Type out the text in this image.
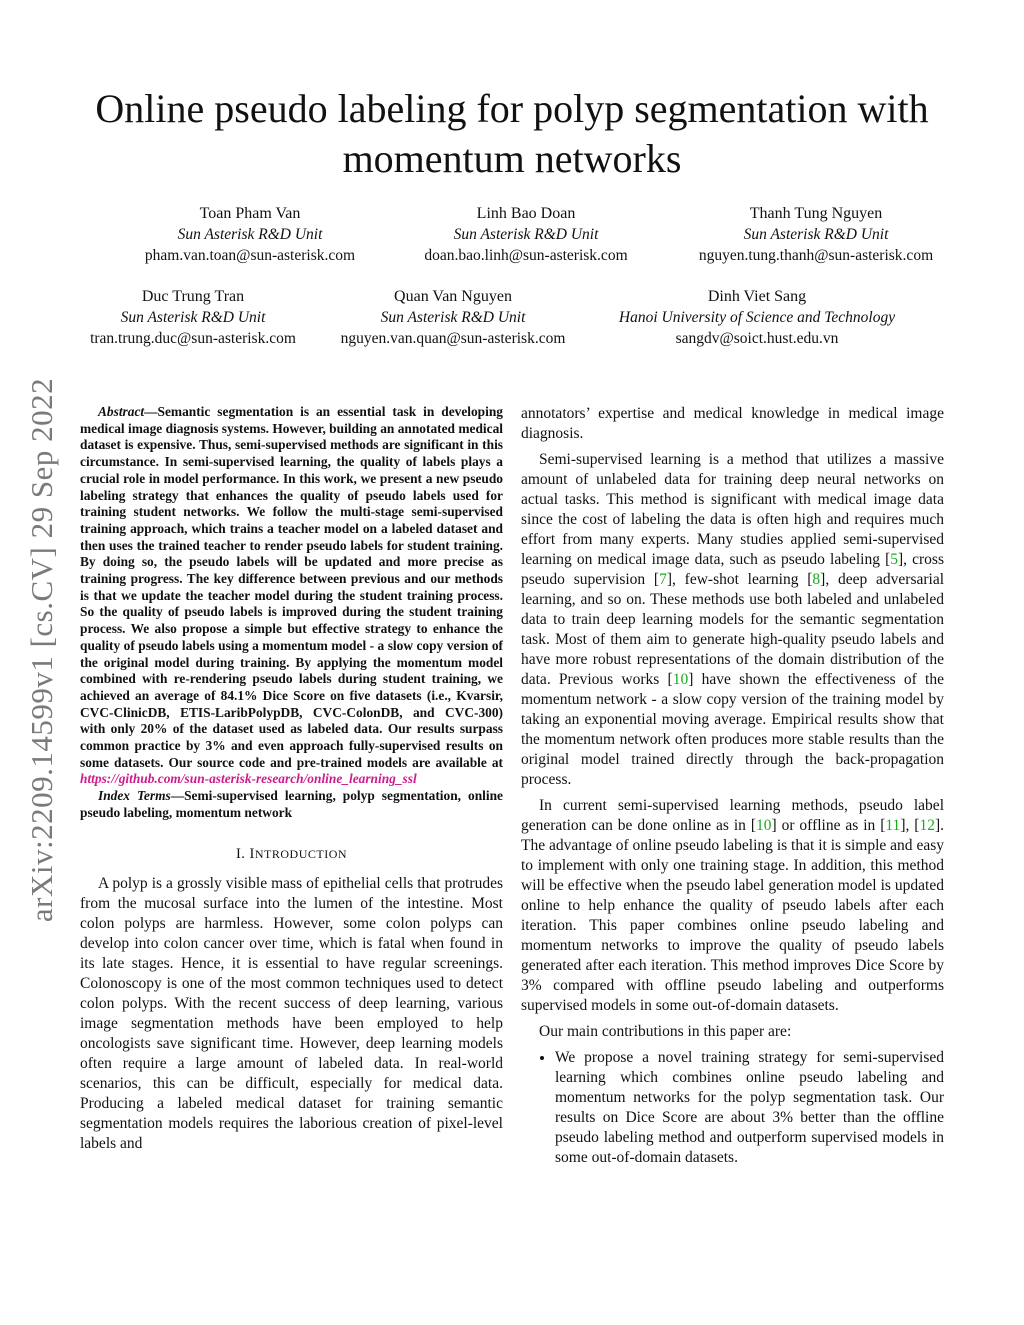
arXiv:2209.14599v1 [cs.CV] 29 Sep 2022
Online pseudo labeling for polyp segmentation with momentum networks
Toan Pham Van
Sun Asterisk R&D Unit
pham.van.toan@sun-asterisk.com
Linh Bao Doan
Sun Asterisk R&D Unit
doan.bao.linh@sun-asterisk.com
Thanh Tung Nguyen
Sun Asterisk R&D Unit
nguyen.tung.thanh@sun-asterisk.com
Duc Trung Tran
Sun Asterisk R&D Unit
tran.trung.duc@sun-asterisk.com
Quan Van Nguyen
Sun Asterisk R&D Unit
nguyen.van.quan@sun-asterisk.com
Dinh Viet Sang
Hanoi University of Science and Technology
sangdv@soict.hust.edu.vn

Abstract—Semantic segmentation is an essential task in developing medical image diagnosis systems. However, building an annotated medical dataset is expensive. Thus, semi-supervised methods are significant in this circumstance. In semi-supervised learning, the quality of labels plays a crucial role in model performance. In this work, we present a new pseudo labeling strategy that enhances the quality of pseudo labels used for training student networks. We follow the multi-stage semi-supervised training approach, which trains a teacher model on a labeled dataset and then uses the trained teacher to render pseudo labels for student training. By doing so, the pseudo labels will be updated and more precise as training progress. The key difference between previous and our methods is that we update the teacher model during the student training process. So the quality of pseudo labels is improved during the student training process. We also propose a simple but effective strategy to enhance the quality of pseudo labels using a momentum model - a slow copy version of the original model during training. By applying the momentum model combined with re-rendering pseudo labels during student training, we achieved an average of 84.1% Dice Score on five datasets (i.e., Kvarsir, CVC-ClinicDB, ETIS-LaribPolypDB, CVC-ColonDB, and CVC-300) with only 20% of the dataset used as labeled data. Our results surpass common practice by 3% and even approach fully-supervised results on some datasets. Our source code and pre-trained models are available at https://github.com/sun-asterisk-research/online_learning_ssl

Index Terms—Semi-supervised learning, polyp segmentation, online pseudo labeling, momentum network

I. INTRODUCTION

A polyp is a grossly visible mass of epithelial cells that protrudes from the mucosal surface into the lumen of the intestine. Most colon polyps are harmless. However, some colon polyps can develop into colon cancer over time, which is fatal when found in its late stages. Hence, it is essential to have regular screenings. Colonoscopy is one of the most common techniques used to detect colon polyps. With the recent success of deep learning, various image segmentation methods have been employed to help oncologists save significant time. However, deep learning models often require a large amount of labeled data. In real-world scenarios, this can be difficult, especially for medical data. Producing a labeled medical dataset for training semantic segmentation models requires the laborious creation of pixel-level labels and

annotators’ expertise and medical knowledge in medical image diagnosis.

Semi-supervised learning is a method that utilizes a massive amount of unlabeled data for training deep neural networks on actual tasks. This method is significant with medical image data since the cost of labeling the data is often high and requires much effort from many experts. Many studies applied semi-supervised learning on medical image data, such as pseudo labeling [5], cross pseudo supervision [7], few-shot learning [8], deep adversarial learning, and so on. These methods use both labeled and unlabeled data to train deep learning models for the semantic segmentation task. Most of them aim to generate high-quality pseudo labels and have more robust representations of the domain distribution of the data. Previous works [10] have shown the effectiveness of the momentum network - a slow copy version of the training model by taking an exponential moving average. Empirical results show that the momentum network often produces more stable results than the original model trained directly through the back-propagation process.

In current semi-supervised learning methods, pseudo label generation can be done online as in [10] or offline as in [11], [12]. The advantage of online pseudo labeling is that it is simple and easy to implement with only one training stage. In addition, this method will be effective when the pseudo label generation model is updated online to help enhance the quality of pseudo labels after each iteration. This paper combines online pseudo labeling and momentum networks to improve the quality of pseudo labels generated after each iteration. This method improves Dice Score by 3% compared with offline pseudo labeling and outperforms supervised models in some out-of-domain datasets.

Our main contributions in this paper are:

• We propose a novel training strategy for semi-supervised learning which combines online pseudo labeling and momentum networks for the polyp segmentation task. Our results on Dice Score are about 3% better than the offline pseudo labeling method and outperform supervised models in some out-of-domain datasets.
